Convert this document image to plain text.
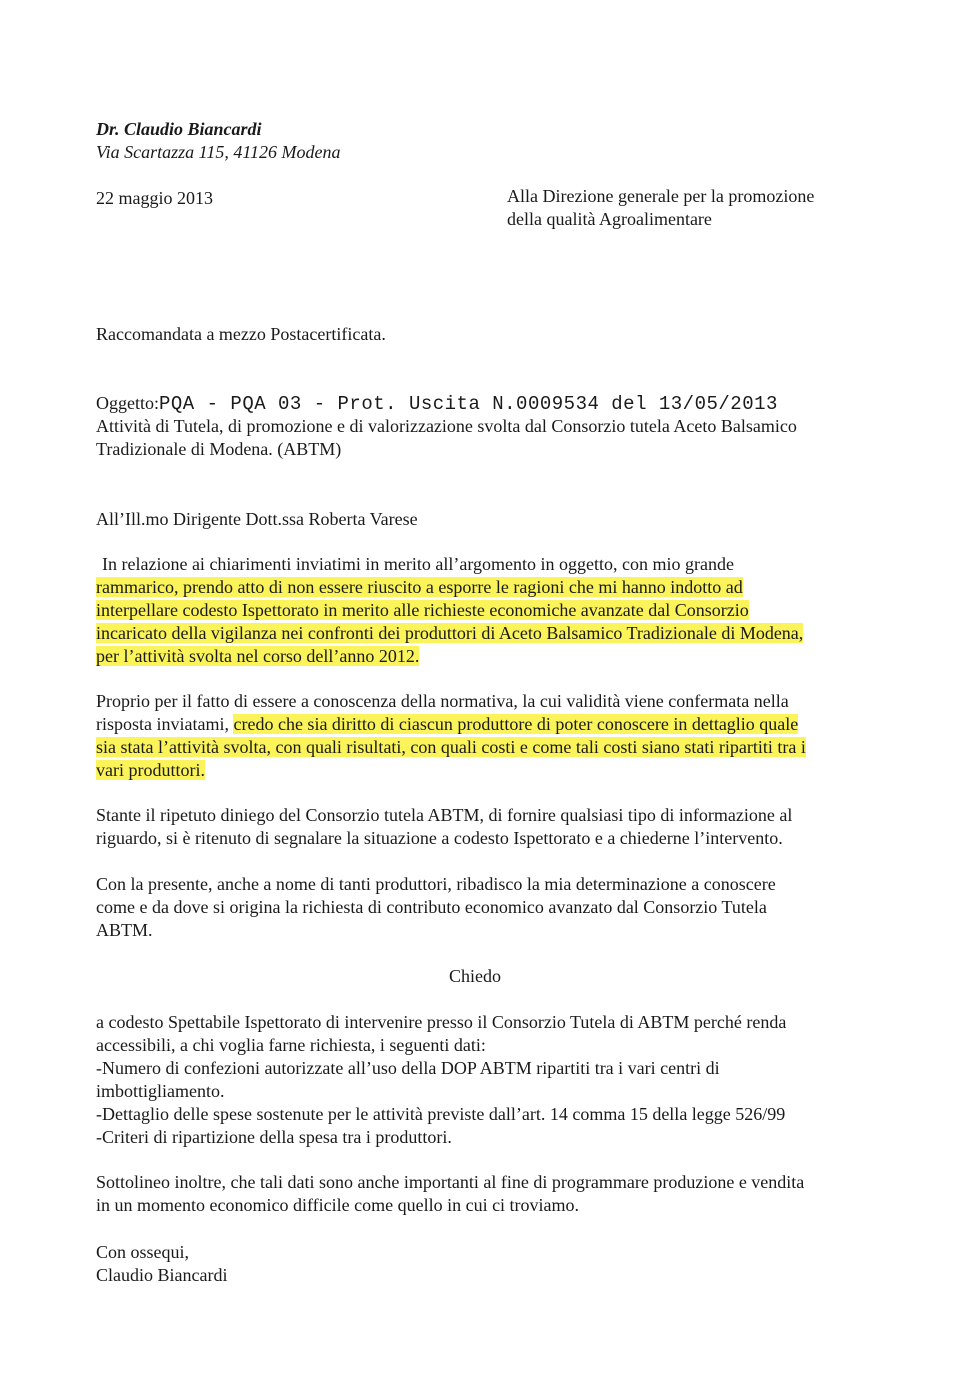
Dr. Claudio Biancardi
Via Scartazza 115, 41126 Modena
22 maggio 2013	Alla Direzione generale per la promozione
della qualità Agroalimentare
Raccomandata a mezzo Postacertificata.
Oggetto:PQA - PQA 03 - Prot. Uscita N.0009534 del 13/05/2013
Attività di Tutela, di promozione e di valorizzazione svolta dal Consorzio tutela Aceto Balsamico
Tradizionale di Modena. (ABTM)
All’Ill.mo Dirigente Dott.ssa Roberta Varese
In relazione ai chiarimenti inviatimi in merito all’argomento in oggetto, con mio grande
rammarico, prendo atto di non essere riuscito a esporre le ragioni che mi hanno indotto ad
interpellare codesto Ispettorato in merito alle richieste economiche avanzate dal Consorzio
incaricato della vigilanza nei confronti dei produttori di Aceto Balsamico Tradizionale di Modena,
per l’attività svolta nel corso dell’anno 2012.
Proprio per il fatto di essere a conoscenza della normativa, la cui validità viene confermata nella
risposta inviatami, credo che sia diritto di ciascun produttore di poter conoscere in dettaglio quale
sia stata l’attività svolta, con quali risultati, con quali costi e come tali costi siano stati ripartiti tra i
vari produttori.
Stante il ripetuto diniego del Consorzio tutela ABTM, di fornire qualsiasi tipo di informazione al
riguardo, si è ritenuto di segnalare la situazione a codesto Ispettorato e a chiederne l’intervento.
Con la presente, anche a nome di tanti produttori, ribadisco la mia determinazione a conoscere
come e da dove si origina la richiesta di contributo economico avanzato dal Consorzio Tutela
ABTM.
Chiedo
a codesto Spettabile Ispettorato di intervenire presso il Consorzio Tutela di ABTM perché renda
accessibili, a chi voglia farne richiesta, i seguenti dati:
-Numero di confezioni autorizzate all’uso della DOP ABTM ripartiti tra i vari centri di
imbottigliamento.
-Dettaglio delle spese sostenute per le attività previste dall’art. 14 comma 15 della legge 526/99
-Criteri di ripartizione della spesa tra i produttori.
Sottolineo inoltre, che tali dati sono anche importanti al fine di programmare produzione e vendita
in un momento economico difficile come quello in cui ci troviamo.
Con ossequi,
Claudio Biancardi
